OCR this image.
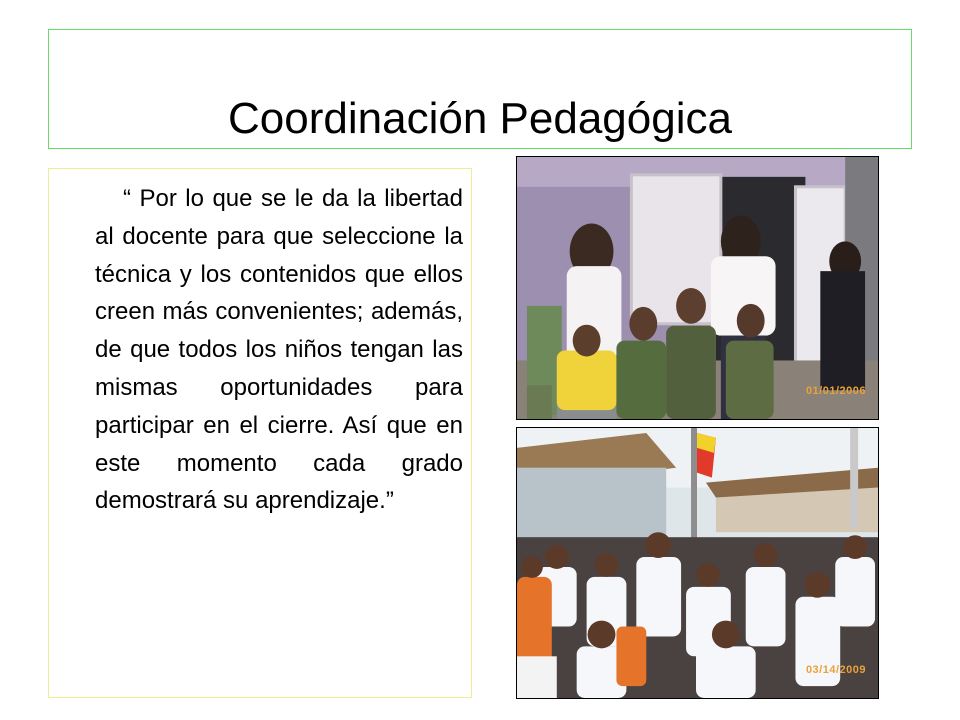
Coordinación Pedagógica

“ Por lo que se le da la libertad al docente para que seleccione la técnica y los contenidos que ellos creen más convenientes; además, de que todos los niños tengan las mismas oportunidades para participar en el cierre. Así que en este momento cada grado demostrará su aprendizaje.”

01/01/2006
03/14/2009
